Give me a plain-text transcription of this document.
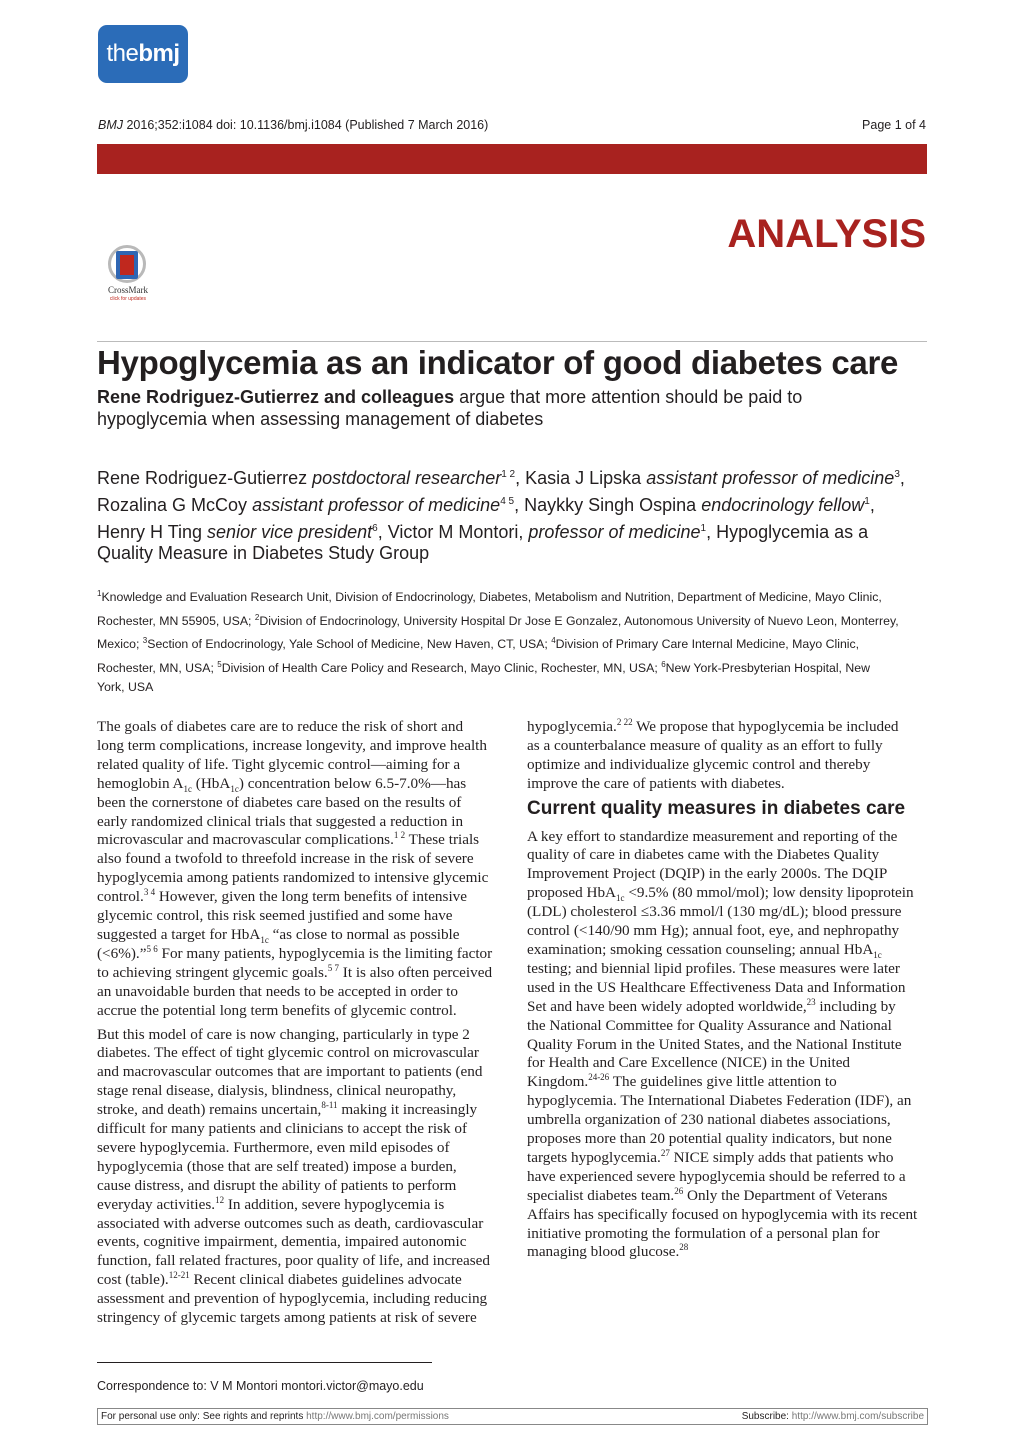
the bmj
BMJ 2016;352:i1084 doi: 10.1136/bmj.i1084 (Published 7 March 2016)	Page 1 of 4
CrossMark
click for updates
ANALYSIS
Hypoglycemia as an indicator of good diabetes care
Rene Rodriguez-Gutierrez and colleagues argue that more attention should be paid to
hypoglycemia when assessing management of diabetes
Rene Rodriguez-Gutierrez postdoctoral researcher$^{1 2}$, Kasia J Lipska assistant professor of medicine$^3$,
Rozalina G McCoy assistant professor of medicine$^{4 5}$, Naykky Singh Ospina endocrinology fellow$^1$,
Henry H Ting senior vice president$^6$, Victor M Montori, professor of medicine$^1$, Hypoglycemia as a
Quality Measure in Diabetes Study Group
$^1$Knowledge and Evaluation Research Unit, Division of Endocrinology, Diabetes, Metabolism and Nutrition, Department of Medicine, Mayo Clinic,
Rochester, MN 55905, USA; $^2$Division of Endocrinology, University Hospital Dr Jose E Gonzalez, Autonomous University of Nuevo Leon, Monterrey,
Mexico; $^3$Section of Endocrinology, Yale School of Medicine, New Haven, CT, USA; $^4$Division of Primary Care Internal Medicine, Mayo Clinic,
Rochester, MN, USA; $^5$Division of Health Care Policy and Research, Mayo Clinic, Rochester, MN, USA; $^6$New York-Presbyterian Hospital, New
York, USA
The goals of diabetes care are to reduce the risk of short and
long term complications, increase longevity, and improve health
related quality of life. Tight glycemic control—aiming for a
hemoglobin $A_{1c}$ (HbA$_{1c}$) concentration below 6.5-7.0%—has
been the cornerstone of diabetes care based on the results of
early randomized clinical trials that suggested a reduction in
microvascular and macrovascular complications.$^{1 2}$ These trials
also found a twofold to threefold increase in the risk of severe
hypoglycemia among patients randomized to intensive glycemic
control.$^{3 4}$ However, given the long term benefits of intensive
glycemic control, this risk seemed justified and some have
suggested a target for HbA$_{1c}$ “as close to normal as possible
(<6%).”$^{5 6}$ For many patients, hypoglycemia is the limiting factor
to achieving stringent glycemic goals.$^{5 7}$ It is also often perceived
an unavoidable burden that needs to be accepted in order to
accrue the potential long term benefits of glycemic control.
But this model of care is now changing, particularly in type 2
diabetes. The effect of tight glycemic control on microvascular
and macrovascular outcomes that are important to patients (end
stage renal disease, dialysis, blindness, clinical neuropathy,
stroke, and death) remains uncertain,$^{8-11}$ making it increasingly
difficult for many patients and clinicians to accept the risk of
severe hypoglycemia. Furthermore, even mild episodes of
hypoglycemia (those that are self treated) impose a burden,
cause distress, and disrupt the ability of patients to perform
everyday activities.$^{12}$ In addition, severe hypoglycemia is
associated with adverse outcomes such as death, cardiovascular
events, cognitive impairment, dementia, impaired autonomic
function, fall related fractures, poor quality of life, and increased
cost (table).$^{12-21}$ Recent clinical diabetes guidelines advocate
assessment and prevention of hypoglycemia, including reducing
stringency of glycemic targets among patients at risk of severe
hypoglycemia.$^{2 22}$ We propose that hypoglycemia be included
as a counterbalance measure of quality as an effort to fully
optimize and individualize glycemic control and thereby
improve the care of patients with diabetes.
Current quality measures in diabetes care
A key effort to standardize measurement and reporting of the
quality of care in diabetes came with the Diabetes Quality
Improvement Project (DQIP) in the early 2000s. The DQIP
proposed HbA$_{1c}$ <9.5% (80 mmol/mol); low density lipoprotein
(LDL) cholesterol ≤3.36 mmol/l (130 mg/dL); blood pressure
control (<140/90 mm Hg); annual foot, eye, and nephropathy
examination; smoking cessation counseling; annual HbA$_{1c}$
testing; and biennial lipid profiles. These measures were later
used in the US Healthcare Effectiveness Data and Information
Set and have been widely adopted worldwide,$^{23}$ including by
the National Committee for Quality Assurance and National
Quality Forum in the United States, and the National Institute
for Health and Care Excellence (NICE) in the United
Kingdom.$^{24-26}$ The guidelines give little attention to
hypoglycemia. The International Diabetes Federation (IDF), an
umbrella organization of 230 national diabetes associations,
proposes more than 20 potential quality indicators, but none
targets hypoglycemia.$^{27}$ NICE simply adds that patients who
have experienced severe hypoglycemia should be referred to a
specialist diabetes team.$^{26}$ Only the Department of Veterans
Affairs has specifically focused on hypoglycemia with its recent
initiative promoting the formulation of a personal plan for
managing blood glucose.$^{28}$
Correspondence to: V M Montori montori.victor@mayo.edu
For personal use only: See rights and reprints http://www.bmj.com/permissions	Subscribe: http://www.bmj.com/subscribe
